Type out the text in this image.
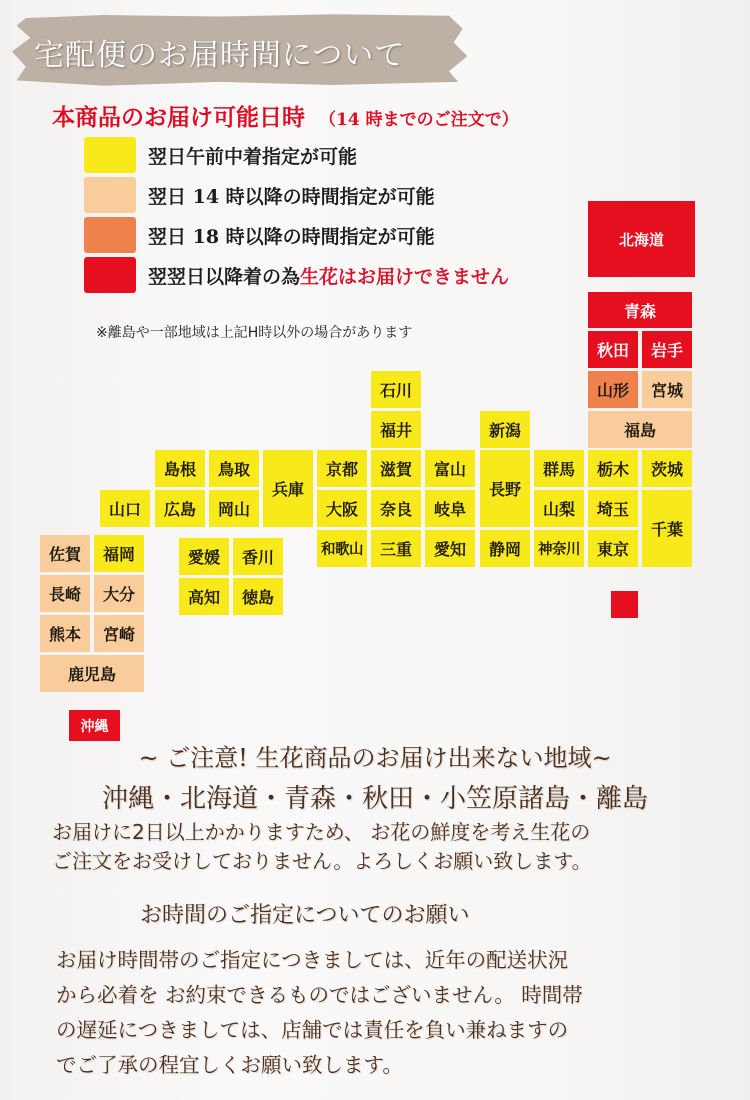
宅配便のお届時間について
本商品のお届け可能日時 （14 時までのご注文で）
翌日午前中着指定が可能
翌日 14 時以降の時間指定が可能
翌日 18 時以降の時間指定が可能
翌翌日以降着の為生花はお届けできません
※離島や一部地域は上記H時以外の場合があります
北海道
青森
秋田	岩手
山形	宮城
福島
石川
福井	新潟
島根	鳥取
兵庫
京都	滋賀	富山
長野
群馬	栃木	茨城
山口	広島	岡山	大阪	奈良	岐阜	山梨	埼玉
千葉
和歌山	三重	愛知	静岡	神奈川	東京
佐賀	福岡
長崎	大分
熊本	宮崎
鹿児島
愛媛	香川
高知	徳島
沖縄
~ ご注意! 生花商品のお届け出来ない地域~
沖縄・北海道・青森・秋田・小笠原諸島・離島
お届けに2日以上かかりますため、 お花の鮮度を考え生花の
ご注文をお受けしておりません。よろしくお願い致します。
お時間のご指定についてのお願い
お届け時間帯のご指定につきましては、近年の配送状況
から必着を お約束できるものではございません。 時間帯
の遅延につきましては、店舗では責任を負い兼ねますの
でご了承の程宜しくお願い致します。
